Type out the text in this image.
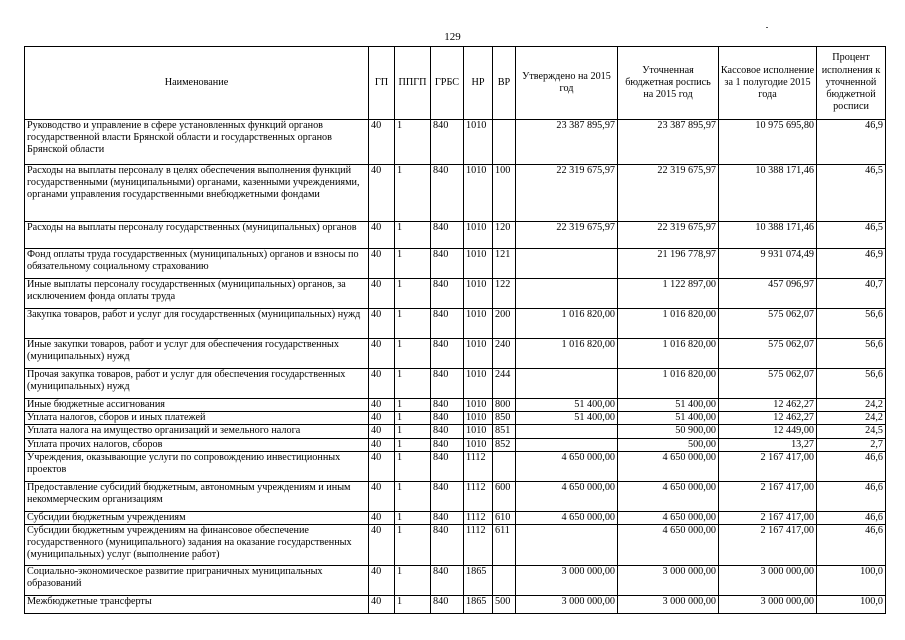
129
Наименование	ГП	ППГП	ГРБС	НР	ВР	Утверждено на 2015 год	Уточненная бюджетная роспись на 2015 год	Кассовое исполнение за 1 полугодие 2015 года	Процент исполнения к уточненной бюджетной росписи
Руководство и управление в сфере установленных функций органов государственной власти Брянской области и государственных органов Брянской области	40	1	840	1010		23 387 895,97	23 387 895,97	10 975 695,80	46,9
Расходы на выплаты персоналу в целях обеспечения выполнения функций государственными (муниципальными) органами, казенными учреждениями, органами управления государственными внебюджетными фондами	40	1	840	1010	100	22 319 675,97	22 319 675,97	10 388 171,46	46,5
Расходы на выплаты персоналу государственных (муниципальных) органов	40	1	840	1010	120	22 319 675,97	22 319 675,97	10 388 171,46	46,5
Фонд оплаты труда государственных (муниципальных) органов и взносы по обязательному социальному страхованию	40	1	840	1010	121		21 196 778,97	9 931 074,49	46,9
Иные выплаты персоналу государственных (муниципальных) органов, за исключением фонда оплаты труда	40	1	840	1010	122		1 122 897,00	457 096,97	40,7
Закупка товаров, работ и услуг для государственных (муниципальных) нужд	40	1	840	1010	200	1 016 820,00	1 016 820,00	575 062,07	56,6
Иные закупки товаров, работ и услуг для обеспечения государственных (муниципальных) нужд	40	1	840	1010	240	1 016 820,00	1 016 820,00	575 062,07	56,6
Прочая закупка товаров, работ и услуг для обеспечения государственных (муниципальных) нужд	40	1	840	1010	244		1 016 820,00	575 062,07	56,6
Иные бюджетные ассигнования	40	1	840	1010	800	51 400,00	51 400,00	12 462,27	24,2
Уплата налогов, сборов и иных платежей	40	1	840	1010	850	51 400,00	51 400,00	12 462,27	24,2
Уплата налога на имущество организаций и земельного налога	40	1	840	1010	851		50 900,00	12 449,00	24,5
Уплата прочих налогов, сборов	40	1	840	1010	852		500,00	13,27	2,7
Учреждения, оказывающие услуги по сопровождению инвестиционных проектов	40	1	840	1112		4 650 000,00	4 650 000,00	2 167 417,00	46,6
Предоставление субсидий бюджетным, автономным учреждениям и иным некоммерческим организациям	40	1	840	1112	600	4 650 000,00	4 650 000,00	2 167 417,00	46,6
Субсидии бюджетным учреждениям	40	1	840	1112	610	4 650 000,00	4 650 000,00	2 167 417,00	46,6
Субсидии бюджетным учреждениям на финансовое обеспечение государственного (муниципального) задания на оказание государственных (муниципальных) услуг (выполнение работ)	40	1	840	1112	611		4 650 000,00	2 167 417,00	46,6
Социально-экономическое развитие приграничных муниципальных образований	40	1	840	1865		3 000 000,00	3 000 000,00	3 000 000,00	100,0
Межбюджетные трансферты	40	1	840	1865	500	3 000 000,00	3 000 000,00	3 000 000,00	100,0
